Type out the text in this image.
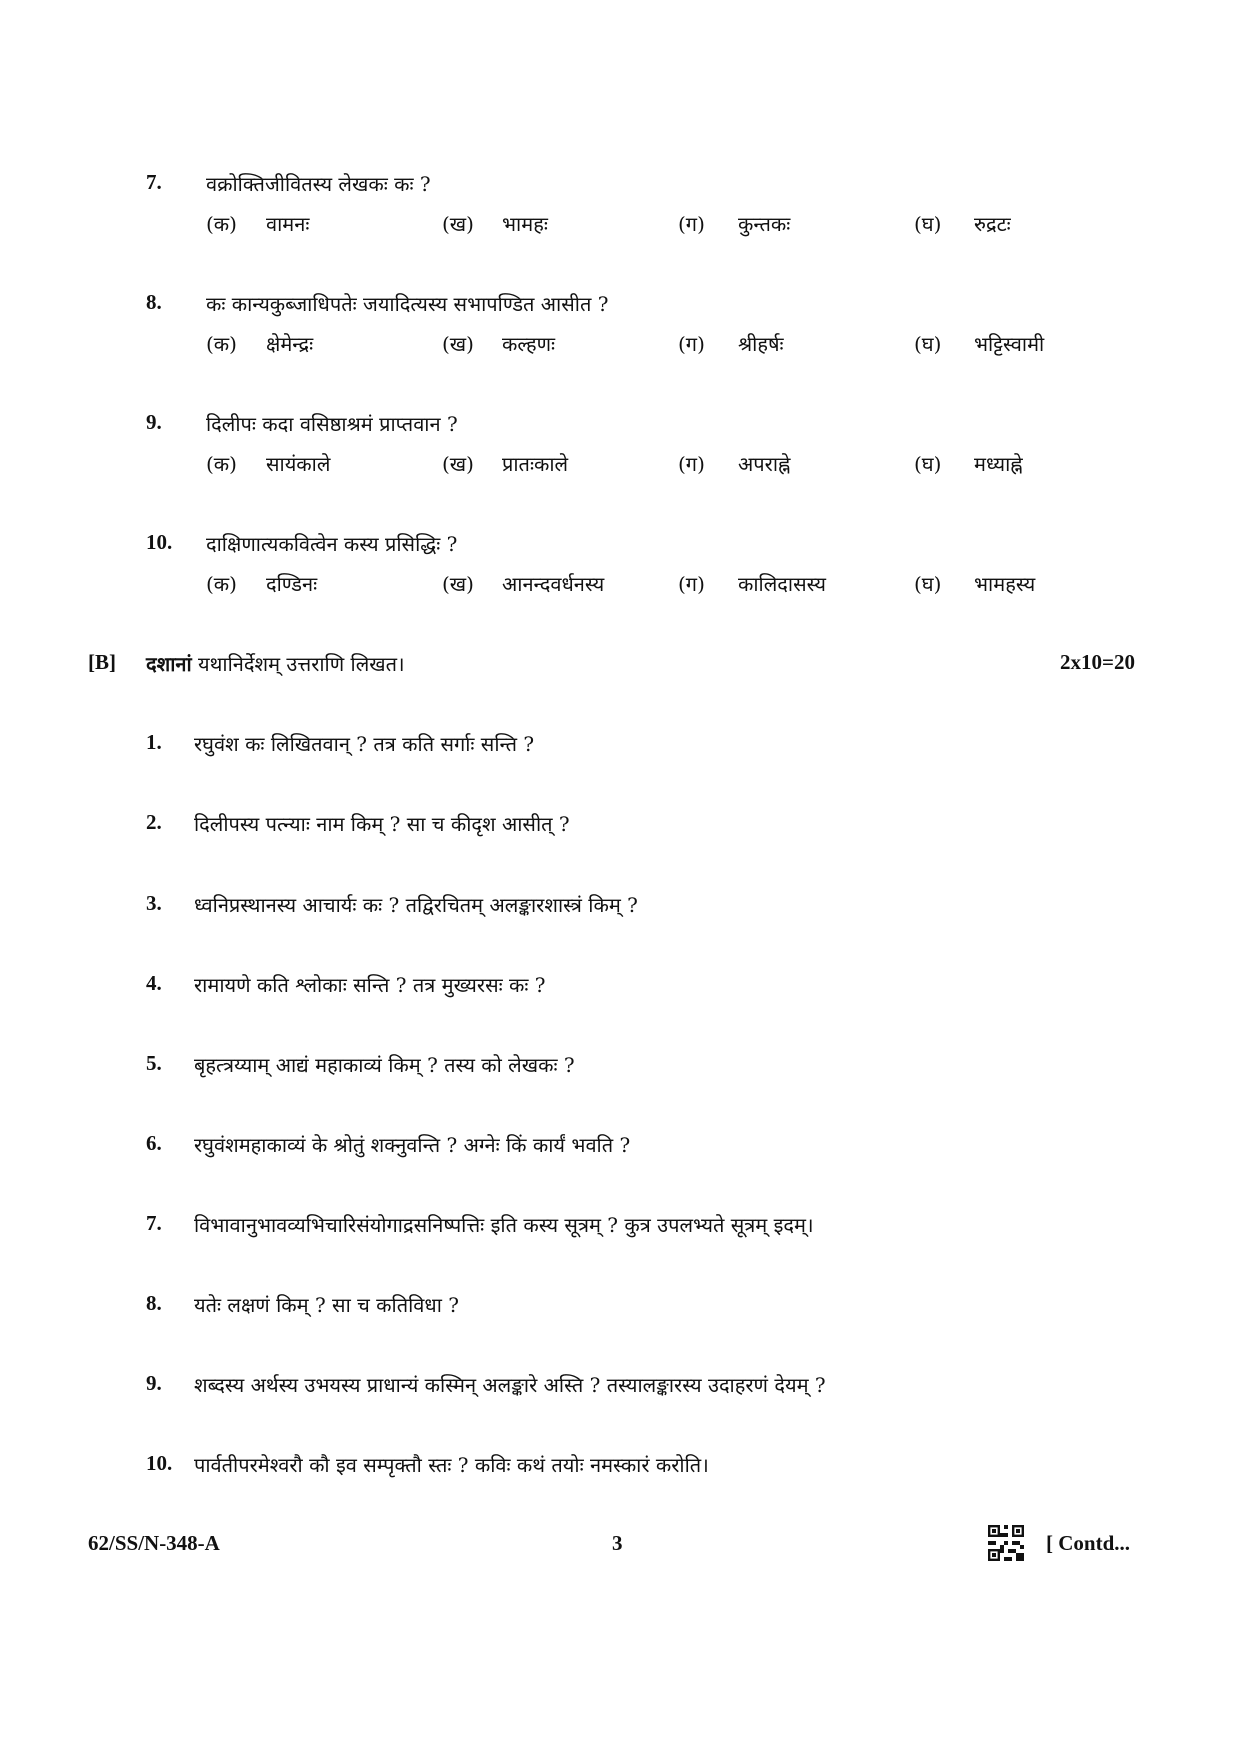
7. वक्रोक्तिजीवितस्य लेखकः कः ?
(क) वामनः	(ख) भामहः	(ग) कुन्तकः	(घ) रुद्रटः
8. कः कान्यकुब्जाधिपतेः जयादित्यस्य सभापण्डित आसीत ?
(क) क्षेमेन्द्रः	(ख) कल्हणः	(ग) श्रीहर्षः	(घ) भट्टिस्वामी
9. दिलीपः कदा वसिष्ठाश्रमं प्राप्तवान ?
(क) सायंकाले	(ख) प्रातःकाले	(ग) अपराह्ने	(घ) मध्याह्ने
10. दाक्षिणात्यकवित्वेन कस्य प्रसिद्धिः ?
(क) दण्डिनः	(ख) आनन्दवर्धनस्य	(ग) कालिदासस्य	(घ) भामहस्य
[B] दशानां यथानिर्देशम् उत्तराणि लिखत।	2x10=20
1. रघुवंश कः लिखितवान् ? तत्र कति सर्गाः सन्ति ?
2. दिलीपस्य पत्न्याः नाम किम् ? सा च कीदृश आसीत् ?
3. ध्वनिप्रस्थानस्य आचार्यः कः ? तद्विरचितम् अलङ्कारशास्त्रं किम् ?
4. रामायणे कति श्लोकाः सन्ति ? तत्र मुख्यरसः कः ?
5. बृहत्त्रय्याम् आद्यं महाकाव्यं किम् ? तस्य को लेखकः ?
6. रघुवंशमहाकाव्यं के श्रोतुं शक्नुवन्ति ? अग्नेः किं कार्यं भवति ?
7. विभावानुभावव्यभिचारिसंयोगाद्रसनिष्पत्तिः इति कस्य सूत्रम् ? कुत्र उपलभ्यते सूत्रम् इदम्।
8. यतेः लक्षणं किम् ? सा च कतिविधा ?
9. शब्दस्य अर्थस्य उभयस्य प्राधान्यं कस्मिन् अलङ्कारे अस्ति ? तस्यालङ्कारस्य उदाहरणं देयम् ?
10. पार्वतीपरमेश्वरौ कौ इव सम्पृक्तौ स्तः ? कविः कथं तयोः नमस्कारं करोति।
62/SS/N-348-A	3	[ Contd...
